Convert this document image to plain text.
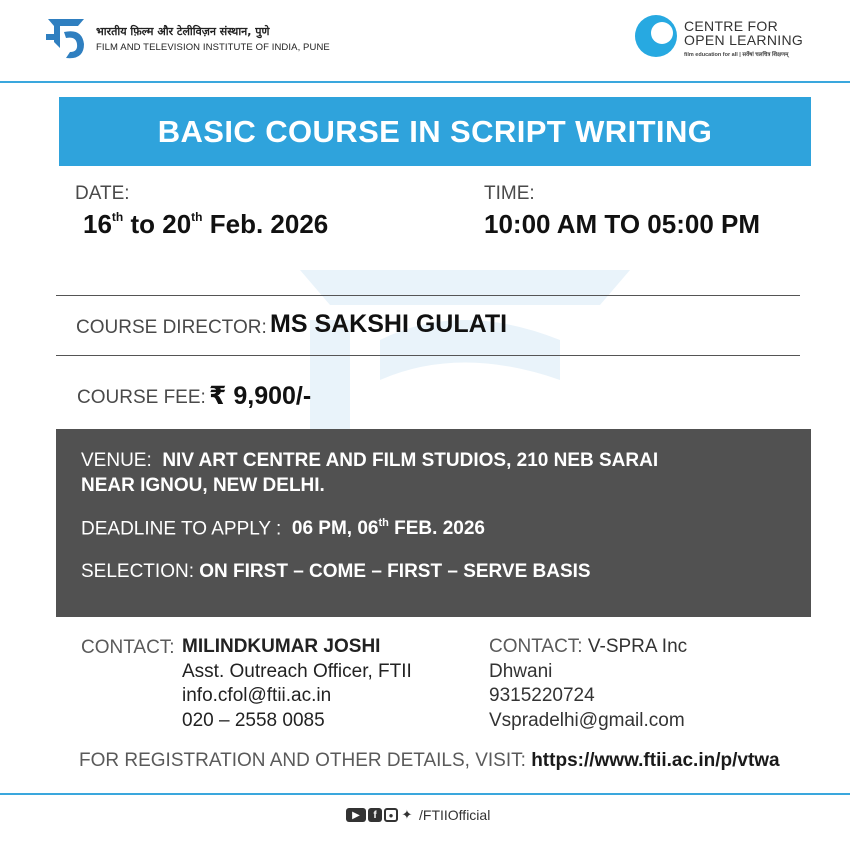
भारतीय फ़िल्म और टेलीविज़न संस्थान, पुणे
FILM AND TELEVISION INSTITUTE OF INDIA, PUNE
CENTRE FOR
OPEN LEARNING
film education for all | सर्वेषां चलचित्र शिक्षणम्
BASIC COURSE IN SCRIPT WRITING
DATE:
16th to 20th Feb. 2026
TIME:
10:00 AM TO 05:00 PM
COURSE DIRECTOR: MS SAKSHI GULATI
COURSE FEE: ₹ 9,900/-
VENUE: NIV ART CENTRE AND FILM STUDIOS, 210 NEB SARAI
NEAR IGNOU, NEW DELHI.
DEADLINE TO APPLY : 06 PM, 06th FEB. 2026
SELECTION: ON FIRST – COME – FIRST – SERVE BASIS
CONTACT: MILINDKUMAR JOSHI
Asst. Outreach Officer, FTII
info.cfol@ftii.ac.in
020 – 2558 0085
CONTACT: V-SPRA Inc
Dhwani
9315220724
Vspradelhi@gmail.com
FOR REGISTRATION AND OTHER DETAILS, VISIT: https://www.ftii.ac.in/p/vtwa
▶	f	● ✦ /FTIIOfficial
